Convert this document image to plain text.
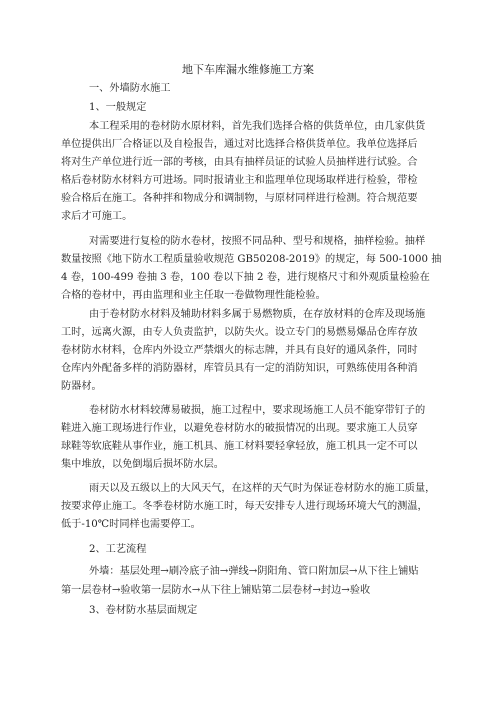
地下车库漏水维修施工方案
一、外墙防水施工
1、一般规定
本工程采用的卷材防水原材料，首先我们选择合格的供货单位，由几家供货
单位提供出厂合格证以及自检报告，通过对比选择合格供货单位。我单位选择后
将对生产单位进行近一部的考核，由具有抽样员证的试验人员抽样进行试验。合
格后卷材防水材料方可进场。同时报请业主和监理单位现场取样进行检验，带检
验合格后在施工。各种拌和物成分和调制物，与原材同样进行检测。符合规范要
求后才可施工。
对需要进行复检的防水卷材，按照不同品种、型号和规格，抽样检验。抽样
数量按照《地下防水工程质量验收规范 GB50208-2019》的规定，每 500-1000 抽
4 卷，100-499 卷抽 3 卷，100 卷以下抽 2 卷，进行规格尺寸和外观质量检验在
合格的卷材中，再由监理和业主任取一卷做物理性能检验。
由于卷材防水材料及辅助材料多属于易燃物质，在存放材料的仓库及现场施
工时，远离火源，由专人负责监护，以防失火。设立专门的易燃易爆品仓库存放
卷材防水材料，仓库内外设立严禁烟火的标志牌，并具有良好的通风条件，同时
仓库内外配备多样的消防器材，库管员具有一定的消防知识，可熟练使用各种消
防器材。
卷材防水材料较薄易破损，施工过程中，要求现场施工人员不能穿带钉子的
鞋进入施工现场进行作业，以避免卷材防水的破损情况的出现。要求施工人员穿
球鞋等软底鞋从事作业，施工机具、施工材料要轻拿轻放，施工机具一定不可以
集中堆放，以免倒塌后损坏防水层。
雨天以及五级以上的大风天气，在这样的天气时为保证卷材防水的施工质量，
按要求停止施工。冬季卷材防水施工时，每天安排专人进行现场环境大气的测温，
低于-10℃时同样也需要停工。
2、工艺流程
外墙：基层处理→刷冷底子油→弹线→阴阳角、管口附加层→从下往上铺贴
第一层卷材→验收第一层防水→从下往上铺贴第二层卷材→封边→验收
3、卷材防水基层面规定
